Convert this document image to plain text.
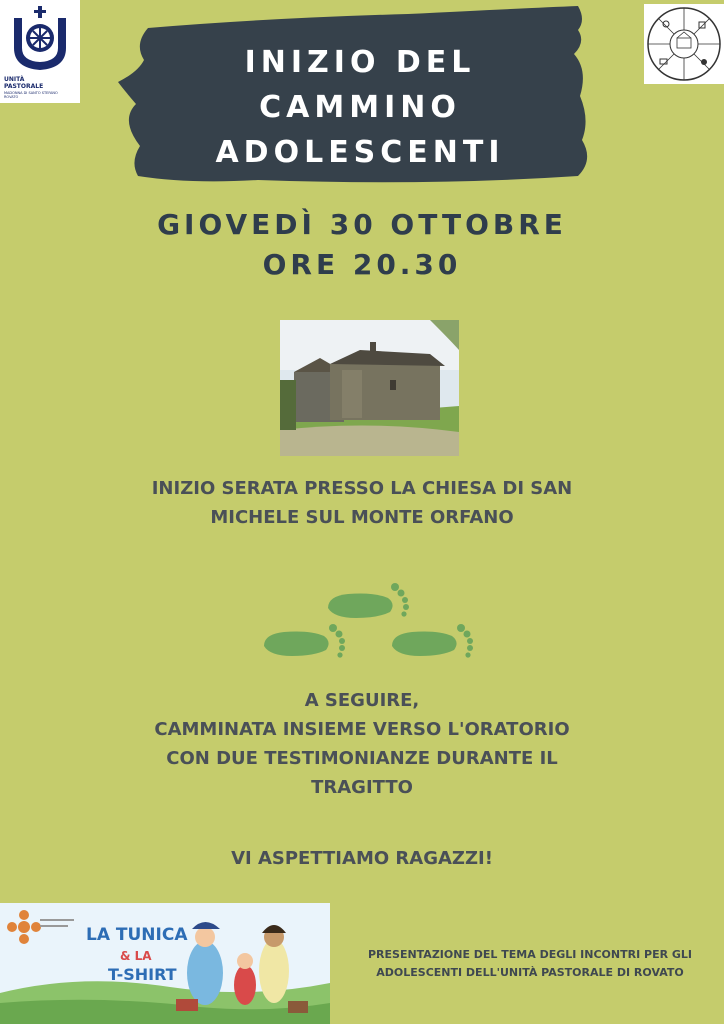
UNITÀ
PASTORALE
MADONNA DI SANTO STEFANO
ROVATO
INIZIO DEL
CAMMINO
ADOLESCENTI
GIOVEDÌ 30 OTTOBRE
ORE 20.30
INIZIO SERATA PRESSO LA CHIESA DI SAN
MICHELE SUL MONTE ORFANO
A SEGUIRE,
CAMMINATA INSIEME VERSO L'ORATORIO
CON DUE TESTIMONIANZE DURANTE IL
TRAGITTO
VI ASPETTIAMO RAGAZZI!
LA TUNICA
& LA
T-SHIRT
PRESENTAZIONE DEL TEMA DEGLI INCONTRI PER GLI
ADOLESCENTI DELL'UNITÀ PASTORALE DI ROVATO
